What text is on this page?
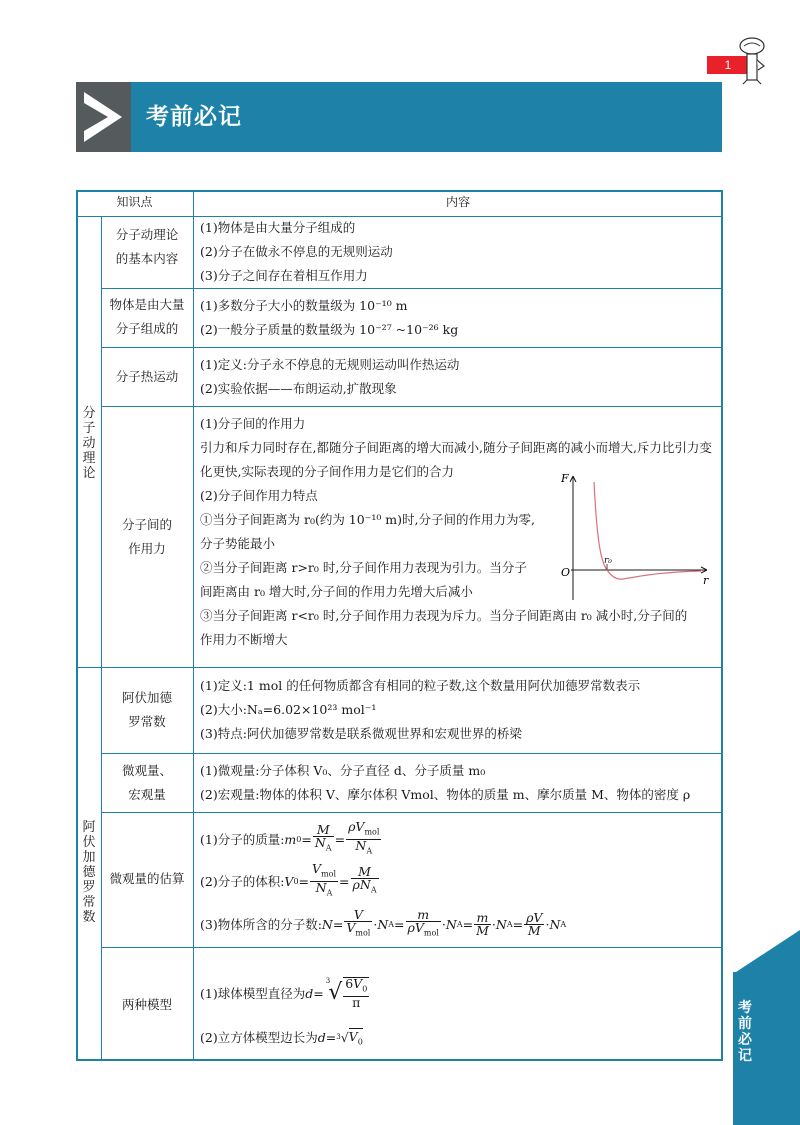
1
考前必记
考前必记
知识点	内容
分子动理论
阿伏加德罗常数
分子动理论的基本内容
(1)物体是由大量分子组成的
(2)分子在做永不停息的无规则运动
(3)分子之间存在着相互作用力
物体是由大量分子组成的
(1)多数分子大小的数量级为 10⁻¹⁰ m
(2)一般分子质量的数量级为 10⁻²⁷ ~10⁻²⁶ kg
分子热运动
(1)定义:分子永不停息的无规则运动叫作热运动
(2)实验依据——布朗运动,扩散现象
分子间的作用力
(1)分子间的作用力
引力和斥力同时存在,都随分子间距离的增大而减小,随分子间距离的减小而增大,斥力比引力变化更快,实际表现的分子间作用力是它们的合力
(2)分子间作用力特点
①当分子间距离为 r₀(约为 10⁻¹⁰ m)时,分子间的作用力为零,
分子势能最小
②当分子间距离 r>r₀ 时,分子间作用力表现为引力。当分子
间距离由 r₀ 增大时,分子间的作用力先增大后减小
③当分子间距离 r<r₀ 时,分子间作用力表现为斥力。当分子间距离由 r₀ 减小时,分子间的
作用力不断增大
F
r
O
r₀
阿伏加德罗常数
(1)定义:1 mol 的任何物质都含有相同的粒子数,这个数量用阿伏加德罗常数表示
(2)大小:Nₐ=6.02×10²³ mol⁻¹
(3)特点:阿伏加德罗常数是联系微观世界和宏观世界的桥梁
微观量、宏观量
(1)微观量:分子体积 V₀、分子直径 d、分子质量 m₀
(2)宏观量:物体的体积 V、摩尔体积 Vmol、物体的质量 m、摩尔质量 M、物体的密度 ρ
微观量的估算
(1)分子的质量: m $0 = \frac{M}{N_A} = \frac{\rho V_{mol}}{N_A}$
(2)分子的体积: V $0 = \frac{V_{mol}}{N_A} = \frac{M}{\rho N_A}$
(3)物体所含的分子数: $N = \frac{V}{V_{mol}} \cdot N$ $A = \frac{m}{\rho V_{mol}} \cdot N$ $A = \frac{m}{M} \cdot N$ $A = \frac{\rho V}{M} \cdot N$ A
两种模型
(1)球体模型直径为 d =
3
√ $\frac{6V_0}{\pi}$
(2)立方体模型边长为 d = 3 √ $V_0$
